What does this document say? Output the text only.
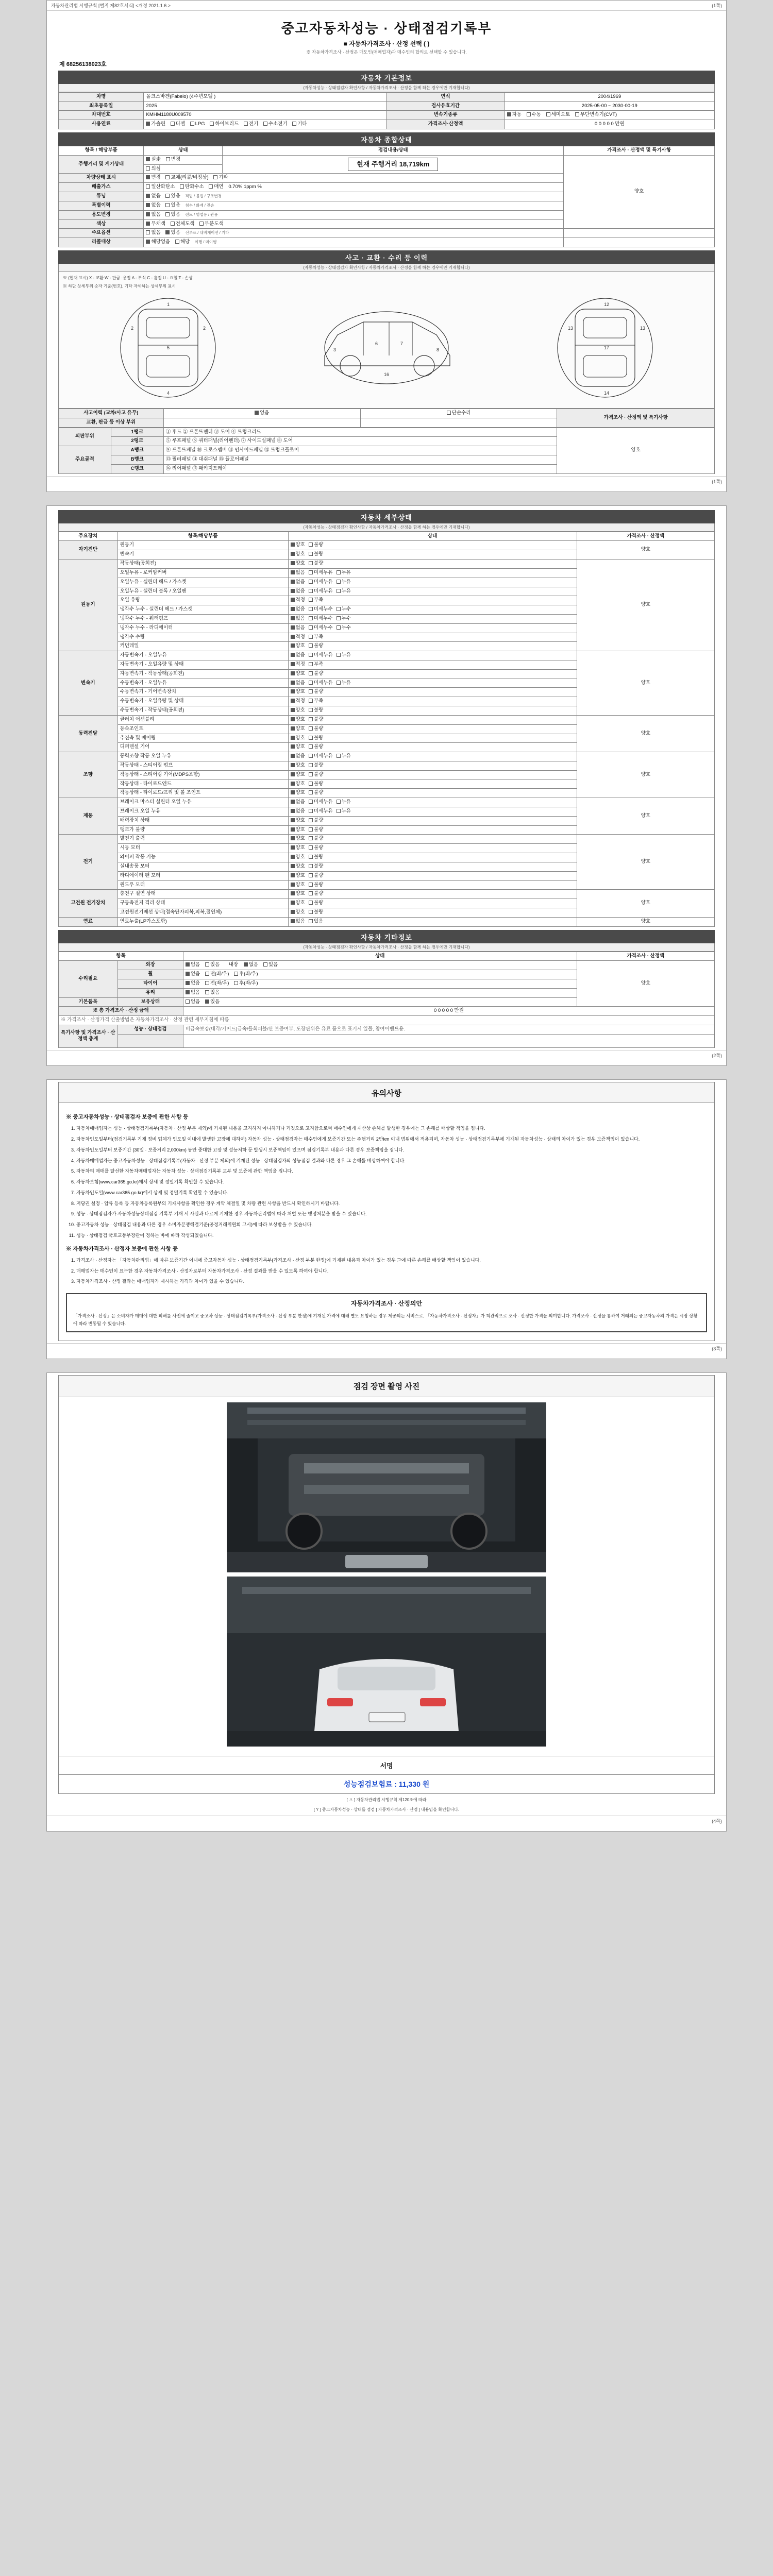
자동차관리법 시행규칙 [별지 제82호서식] <개정 2021.1.6.>	(1쪽)
중고자동차성능 · 상태점검기록부
■ 자동차가격조사 · 산정 선택 ( )
※ 자동차가격조사 · 산정은 매도인(매매업자)과 매수인의 합의로 선택할 수 있습니다.
제 68256138023호
자동차 기본정보
(자동차성능 · 상태점검자 확인사항 / 자동차가격조사 · 산정을 함께 하는 경우에만 기재합니다)
차명	폴크스바겐(Fabelo) (4주년모델 )	연식	2004/1969
최초등록일	2025	검사유효기간	2025-05-00 ~ 2030-00-19
차대번호	KMHM1180U009570	변속기종류	자동 수동 세미오토 무단변속기(CVT)
사용연료	가솔린 디젤 LPG 하이브리드 전기 수소전기 기타	가격조사·산정액	0 0 0 0 0 만원
자동차 종합상태
항목 / 해당부품	상태	점검내용/상태	가격조사 · 산정액 및 특기사항
주행거리 및 계기상태	실走 변경	현재 주행거리 18,719km	양호
	의심		
차량상태 표시	변경 교체(리콜/비정상) 기타		
배출가스	일산화탄소 탄화수소 매연 0.70% 1ppm %		
튜닝	없음 있음 적법 / 불법 / 구조변경		
특별이력	없음 있음 침수 / 화재 / 전손		
용도변경	없음 있음 렌트 / 영업용 / 관용		
색상	무채색 전체도색 부분도색		
주요옵션	없음 있음 선루프 / 내비게이션 / 기타		
리콜대상	해당없음 해당 이행 / 미이행		
사고 · 교환 · 수리 등 이력
(자동차성능 · 상태점검자 확인사항 / 자동차가격조사 · 산정을 함께 하는 경우에만 기재합니다)
※ (현재 표시) X - 교환 W - 판금 ·용접 A - 부식 C - 흠집 U - 요철 T - 손상
※ 하단 상세부위 숫자 기준(번호), 기타 자세하는 상세부위 표시
1
2	2
5
4
3
6	7
8
16
12
13	13
17
14
사고이력 (교차/사고 유무)	없음	단순수리	가격조사 · 산정액 및 특기사항
교환, 판금 등 이상 부위			
외판부위	1랭크	① 후드 ② 프론트펜더 ③ 도어 ④ 트렁크리드	양호
	2랭크	⑤ 루프패널 ⑥ 쿼터패널(리어펜더) ⑦ 사이드실패널 ⑧ 도어	
주요골격	A랭크	⑨ 프론트패널 ⑩ 크로스멤버 ⑪ 인사이드패널 ⑫ 트렁크플로어	
	B랭크	⑬ 필러패널 ⑭ 대쉬패널 ⑮ 플로어패널	
	C랭크	⑯ 리어패널 ⑰ 패키지트레이	
(1쪽)
자동차 세부상태
(자동차성능 · 상태점검자 확인사항 / 자동차가격조사 · 산정을 함께 하는 경우에만 기재합니다)
주요장치	항목/해당부품	상태	가격조사 · 산정액
자기진단	원동기	양호 불량	양호
	변속기	양호 불량	
원동기	작동상태(공회전)	양호 불량	양호
	오일누유 - 로커암커버	없음 미세누유 누유	
	오일누유 - 실린더 헤드 / 가스켓	없음 미세누유 누유	
	오일누유 - 실린더 블록 / 오일팬	없음 미세누유 누유	
	오일 유량	적정 부족	
	냉각수 누수 - 실린더 헤드 / 가스켓	없음 미세누수 누수	
	냉각수 누수 - 워터펌프	없음 미세누수 누수	
	냉각수 누수 - 라디에이터	없음 미세누수 누수	
	냉각수 수량	적정 부족	
	커먼레일	양호 불량	
변속기	자동변속기 - 오일누유	없음 미세누유 누유	양호
	자동변속기 - 오일유량 및 상태	적정 부족	
	자동변속기 - 작동상태(공회전)	양호 불량	
	수동변속기 - 오일누유	없음 미세누유 누유	
	수동변속기 - 기어변속장치	양호 불량	
	수동변속기 - 오일유량 및 상태	적정 부족	
	수동변속기 - 작동상태(공회전)	양호 불량	
동력전달	클러치 어셈블리	양호 불량	양호
	등속조인트	양호 불량	
	추진축 및 베어링	양호 불량	
	디퍼렌셜 기어	양호 불량	
조향	동력조향 작동 오일 누유	없음 미세누유 누유	양호
	작동상태 - 스티어링 펌프	양호 불량	
	작동상태 - 스티어링 기어(MDPS포함)	양호 불량	
	작동상태 - 타이로드엔드	양호 불량	
	작동상태 - 타이로드/프리 및 볼 조인트	양호 불량	
제동	브레이크 마스터 실린더 오일 누유	없음 미세누유 누유	양호
	브레이크 오일 누유	없음 미세누유 누유	
	배력장치 상태	양호 불량	
	탱크가 불량	양호 불량	
전기	발전기 출력	양호 불량	양호
	시동 모터	양호 불량	
	와이퍼 작동 기능	양호 불량	
	실내송풍 모터	양호 불량	
	라디에이터 팬 모터	양호 불량	
	윈도우 모터	양호 불량	
고전원 전기장치	충전구 절연 상태	양호 불량	양호
	구동축전지 격리 상태	양호 불량	
	고전원전기배선 상태(접속단자피복,피복,절연체)	양호 불량	
연료	연료누출(LP가스포함)	없음 있음	양호
자동차 기타정보
(자동차성능 · 상태점검자 확인사항 / 자동차가격조사 · 산정을 함께 하는 경우에만 기재합니다)
항목		상태	가격조사 · 산정액
수리필요	외장	없음 있음 내장 없음 있음	양호
	휠	없음 전(좌/우) 후(좌/우)	
	타이어	없음 전(좌/우) 후(좌/우)	
	유리	없음 있음	
기본품목	보유상태	없음 있음	
※ 총 가격조사 · 산정 금액		0 0 0 0 0 만원	
※ 가격조사 · 산정가격 산출방법은 자동차가격조사 · 산정 관련 세부지침에 따름			
특기사항 및 가격조사 · 산정액 총계	성능 · 상태점검	비금속보강(대각/기어드)금속/틀회퍼블/산 보증여부, 도장판위은 유료 품으로 표기시 일몰, 참여어벤트용.	

(2쪽)
유의사항
※ 중고자동차성능 · 상태점검자 보증에 관한 사항 등
1. 자동차매매업자는 성능 · 상태점검기록부(자동차 · 산정 부분 제외)에 기재된 내용을 고지하지 아니하거나 거짓으로 고지함으로써 매수인에게 재산상 손해를 발생한 경우에는 그 손해를 배상할 책임을 집니다.
2. 자동차인도일부터(점검기록부 기재 정비 업체가 인도일 이내에 발생한 고장에 대하여) 자동차 성능 · 상태점검자는 매수인에게 보증기간 또는 주행거리 2만km 이내 범위에서 적용되며, 자동차 성능 · 상태점검기록부에 기재된 자동차성능 · 상태의 차이가 있는 경우 보증책임이 있습니다.
3. 자동차인도일부터 보증기간 (30일 · 보증거리 2,000km) 동안 중대한 고장 및 성능저하 등 발생시 보증책임이 있으며 점검기록부 내용과 다른 경우 보증책임을 집니다.
4. 자동차매매업자는 중고자동차성능 · 상태점검기록부(자동차 · 산정 부분 제외)에 기재된 성능 · 상태점검자의 성능점검 결과와 다른 경우 그 손해를 배상하여야 합니다.
5. 자동차의 매매를 알선한 자동차매매업자는 자동차 성능 · 상태점검기록부 교부 및 보증에 관한 책임을 집니다.
6. 자동차보험(www.car365.go.kr)에서 상세 및 정밀기록 확인할 수 있습니다.
7. 자동차인도일(www.car365.go.kr)에서 상세 및 정밀기록 확인할 수 있습니다.
8. 저당권 설정 · 압류 등록 등 자동차등록원부의 기재사항을 확인한 경우 계약 체결일 및 차량 관련 사항을 반드시 확인하시기 바랍니다.
9. 성능 · 상태점검자가 자동차성능상태점검 기록부 기재 시 사실과 다르게 기재한 경우 자동차관리법에 따라 처벌 또는 행정처분을 받을 수 있습니다.
10. 중고자동차 성능 · 상태점검 내용과 다른 경우 소비자분쟁해결기준(공정거래위원회 고시)에 따라 보상받을 수 있습니다.
11. 성능 · 상태점검 국토교통부장관이 정하는 바에 따라 작성되었습니다.
※ 자동차가격조사 · 산정자 보증에 관한 사항 등
1. 가격조사 · 산정자는 「자동차관리법」에 따른 보증기간 이내에 중고자동차 성능 · 상태점검기록부(가격조사 · 산정 부분 한정)에 기재된 내용과 차이가 있는 경우 그에 따른 손해를 배상할 책임이 있습니다.
2. 매매업자는 매수인이 요구한 경우 자동차가격조사 · 산정자로부터 자동차가격조사 · 산정 결과를 받을 수 있도록 하여야 합니다.
3. 자동차가격조사 · 산정 결과는 매매업자가 제시하는 가격과 차이가 있을 수 있습니다.
자동차가격조사 · 산정의안
「가격조사 · 산정」은 소비자가 매매에 대한 피해를 사전에 줄이고 중고차 성능 · 상태점검기록부(가격조사 · 산정 부분 한정)에 기재된 가격에 대해 별도 요청하는 경우 제공되는 서비스로, 「자동차가격조사 · 산정자」가 객관적으로 조사 · 산정한 가격을 의미합니다. 가격조사 · 산정을 통하여 거래되는 중고자동차의 가격은 시장 상황에 따라 변동될 수 있습니다.
(3쪽)
점검 장면 촬영 사진
서명
성능점검보험료 : 11,330 원
[ ㅈ ] 자동차관리법 시행규칙 제120조에 따라
[ Y ] 중고자동차성능 · 상태를 점검 [ 자동차가격조사 · 산정 ] 내용임을 확인합니다.
(4쪽)
